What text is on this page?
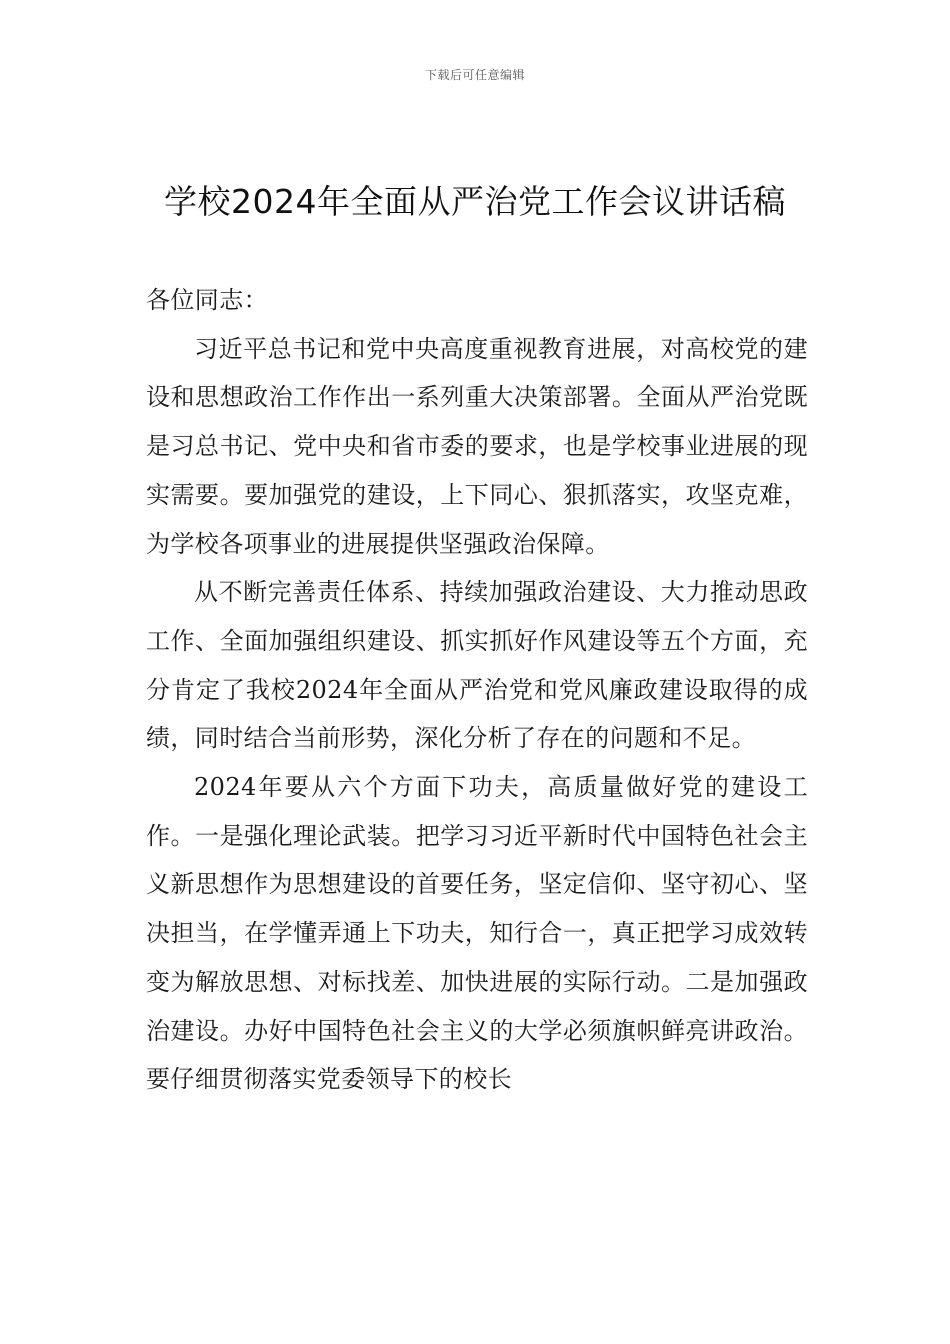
下载后可任意编辑
学校2024年全面从严治党工作会议讲话稿

各位同志：

习近平总书记和党中央高度重视教育进展，对高校党的建设和思想政治工作作出一系列重大决策部署。全面从严治党既是习总书记、党中央和省市委的要求，也是学校事业进展的现实需要。要加强党的建设，上下同心、狠抓落实，攻坚克难，为学校各项事业的进展提供坚强政治保障。

从不断完善责任体系、持续加强政治建设、大力推动思政工作、全面加强组织建设、抓实抓好作风建设等五个方面，充分肯定了我校2024年全面从严治党和党风廉政建设取得的成绩，同时结合当前形势，深化分析了存在的问题和不足。

2024年要从六个方面下功夫，高质量做好党的建设工作。一是强化理论武装。把学习习近平新时代中国特色社会主义新思想作为思想建设的首要任务，坚定信仰、坚守初心、坚决担当，在学懂弄通上下功夫，知行合一，真正把学习成效转变为解放思想、对标找差、加快进展的实际行动。二是加强政治建设。办好中国特色社会主义的大学必须旗帜鲜亮讲政治。要仔细贯彻落实党委领导下的校长
